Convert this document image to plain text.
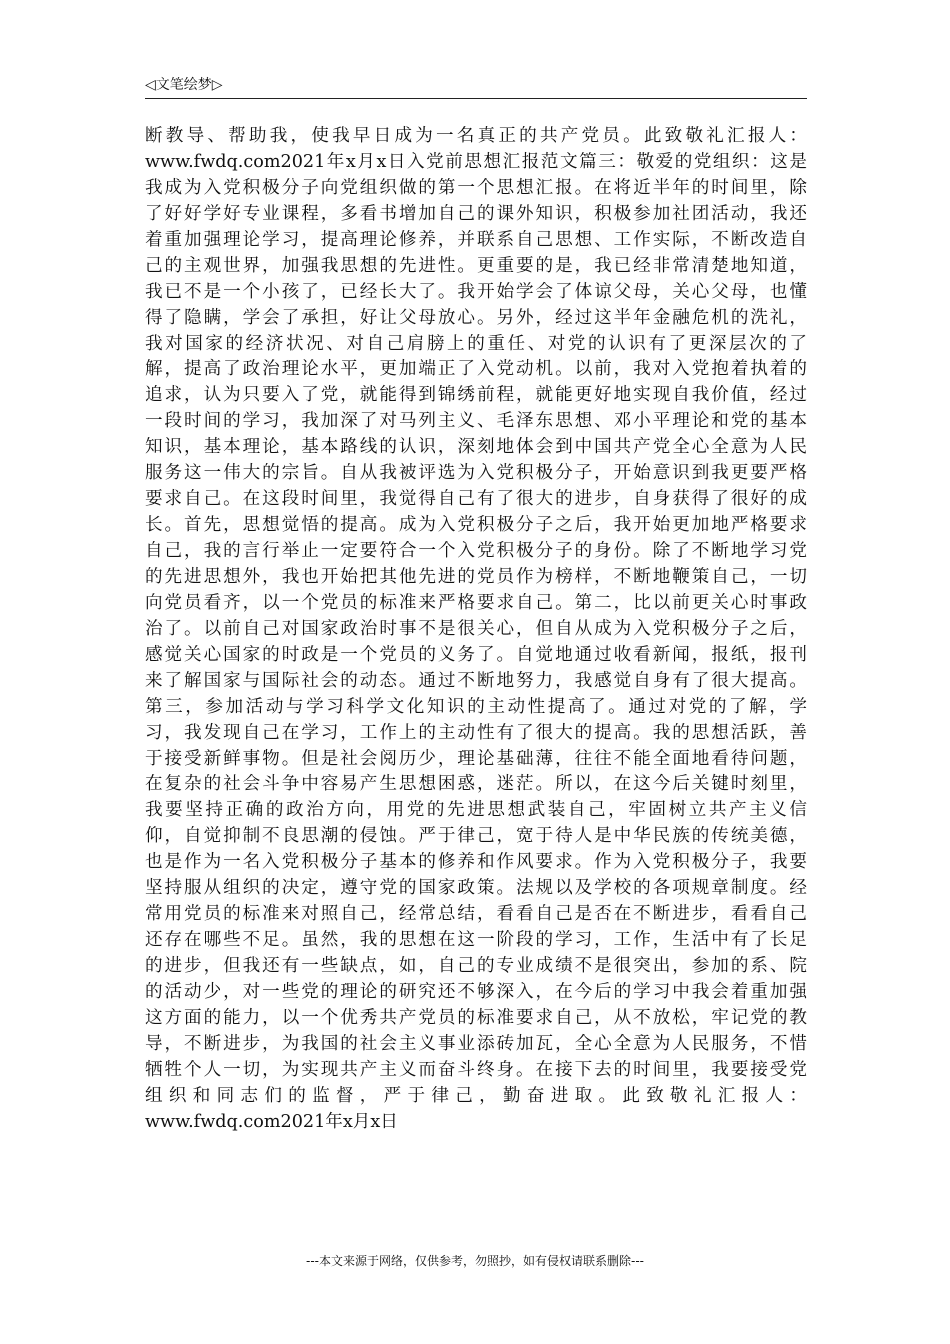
◁文笔绘梦▷
断教导、帮助我，使我早日成为一名真正的共产党员。此致敬礼汇报人：
www.fwdq.com2021年x月x日入党前思想汇报范文篇三：敬爱的党组织：这是
我成为入党积极分子向党组织做的第一个思想汇报。在将近半年的时间里，除
了好好学好专业课程，多看书增加自己的课外知识，积极参加社团活动，我还
着重加强理论学习，提高理论修养，并联系自己思想、工作实际，不断改造自
己的主观世界，加强我思想的先进性。更重要的是，我已经非常清楚地知道，
我已不是一个小孩了，已经长大了。我开始学会了体谅父母，关心父母，也懂
得了隐瞒，学会了承担，好让父母放心。另外，经过这半年金融危机的洗礼，
我对国家的经济状况、对自己肩膀上的重任、对党的认识有了更深层次的了
解，提高了政治理论水平，更加端正了入党动机。以前，我对入党抱着执着的
追求，认为只要入了党，就能得到锦绣前程，就能更好地实现自我价值，经过
一段时间的学习，我加深了对马列主义、毛泽东思想、邓小平理论和党的基本
知识，基本理论，基本路线的认识，深刻地体会到中国共产党全心全意为人民
服务这一伟大的宗旨。自从我被评选为入党积极分子，开始意识到我更要严格
要求自己。在这段时间里，我觉得自己有了很大的进步，自身获得了很好的成
长。首先，思想觉悟的提高。成为入党积极分子之后，我开始更加地严格要求
自己，我的言行举止一定要符合一个入党积极分子的身份。除了不断地学习党
的先进思想外，我也开始把其他先进的党员作为榜样，不断地鞭策自己，一切
向党员看齐，以一个党员的标准来严格要求自己。第二，比以前更关心时事政
治了。以前自己对国家政治时事不是很关心，但自从成为入党积极分子之后，
感觉关心国家的时政是一个党员的义务了。自觉地通过收看新闻，报纸，报刊
来了解国家与国际社会的动态。通过不断地努力，我感觉自身有了很大提高。
第三，参加活动与学习科学文化知识的主动性提高了。通过对党的了解，学
习，我发现自己在学习，工作上的主动性有了很大的提高。我的思想活跃，善
于接受新鲜事物。但是社会阅历少，理论基础薄，往往不能全面地看待问题，
在复杂的社会斗争中容易产生思想困惑，迷茫。所以，在这今后关键时刻里，
我要坚持正确的政治方向，用党的先进思想武装自己，牢固树立共产主义信
仰，自觉抑制不良思潮的侵蚀。严于律己，宽于待人是中华民族的传统美德，
也是作为一名入党积极分子基本的修养和作风要求。作为入党积极分子，我要
坚持服从组织的决定，遵守党的国家政策。法规以及学校的各项规章制度。经
常用党员的标准来对照自己，经常总结，看看自己是否在不断进步，看看自己
还存在哪些不足。虽然，我的思想在这一阶段的学习，工作，生活中有了长足
的进步，但我还有一些缺点，如，自己的专业成绩不是很突出，参加的系、院
的活动少，对一些党的理论的研究还不够深入，在今后的学习中我会着重加强
这方面的能力，以一个优秀共产党员的标准要求自己，从不放松，牢记党的教
导，不断进步，为我国的社会主义事业添砖加瓦，全心全意为人民服务，不惜
牺牲个人一切，为实现共产主义而奋斗终身。在接下去的时间里，我要接受党
组织和同志们的监督，严于律己，勤奋进取。此致敬礼汇报人：
www.fwdq.com2021年x月x日
---本文来源于网络，仅供参考，勿照抄，如有侵权请联系删除---
